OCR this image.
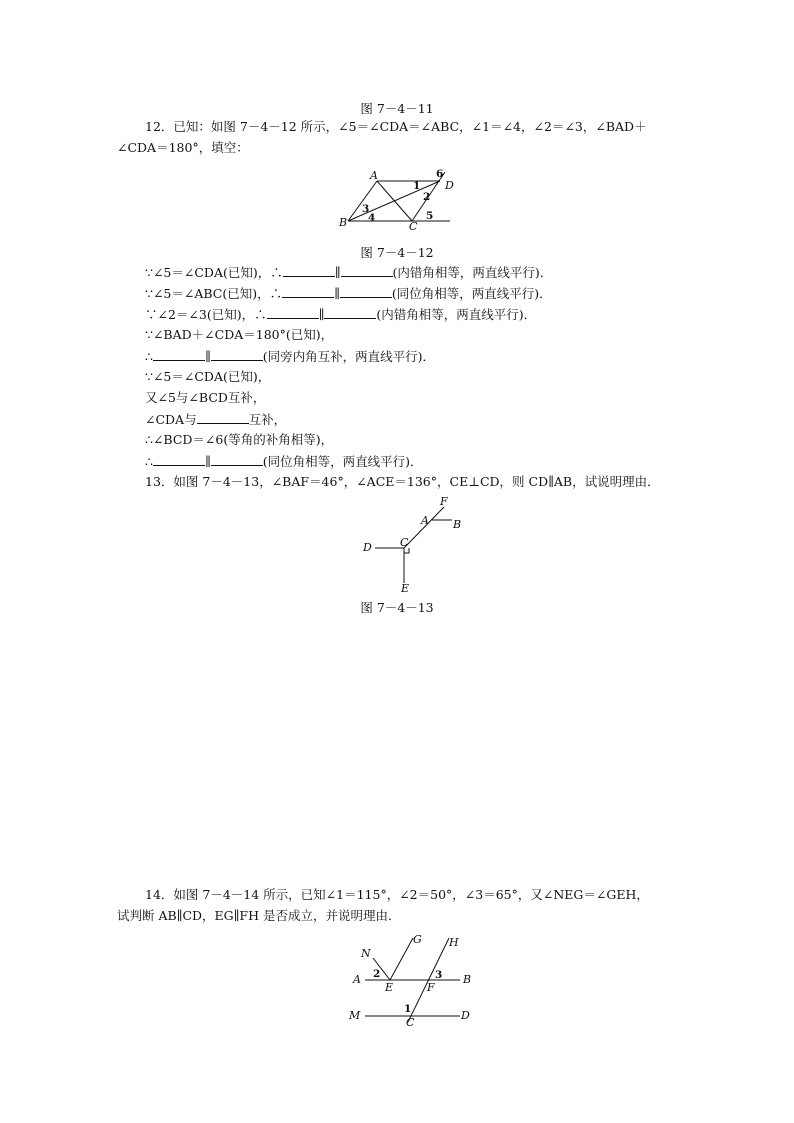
图 7－4－11
12．已知：如图 7－4－12 所示，∠5＝∠CDA＝∠ABC，∠1＝∠4，∠2＝∠3，∠BAD＋
∠CDA＝180°，填空：
A
B	C
D
1
2
3
4	5
6
图 7－4－12
∵∠5＝∠CDA(已知)，∴	∥	(内错角相等，两直线平行)．
∵∠5＝∠ABC(已知)，∴	∥	(同位角相等，两直线平行)．
∵∠2＝∠3(已知)，∴	∥	(内错角相等，两直线平行)．
∵∠BAD＋∠CDA＝180°(已知)，
∴	∥	(同旁内角互补，两直线平行)．
∵∠5＝∠CDA(已知)，
又∠5与∠BCD互补，
∠CDA与	互补，
∴∠BCD＝∠6(等角的补角相等)，
∴	∥	(同位角相等，两直线平行)．
13．如图 7－4－13，∠BAF＝46°，∠ACE＝136°，CE⊥CD，则 CD∥AB，试说明理由．
F
A B
C
D
E
图 7－4－13
14．如图 7－4－14 所示，已知∠1＝115°，∠2＝50°，∠3＝65°，又∠NEG＝∠GEH，
试判断 AB∥CD，EG∥FH 是否成立，并说明理由．
N
G H
A	B
E	F
M
C
D
1
2	3
